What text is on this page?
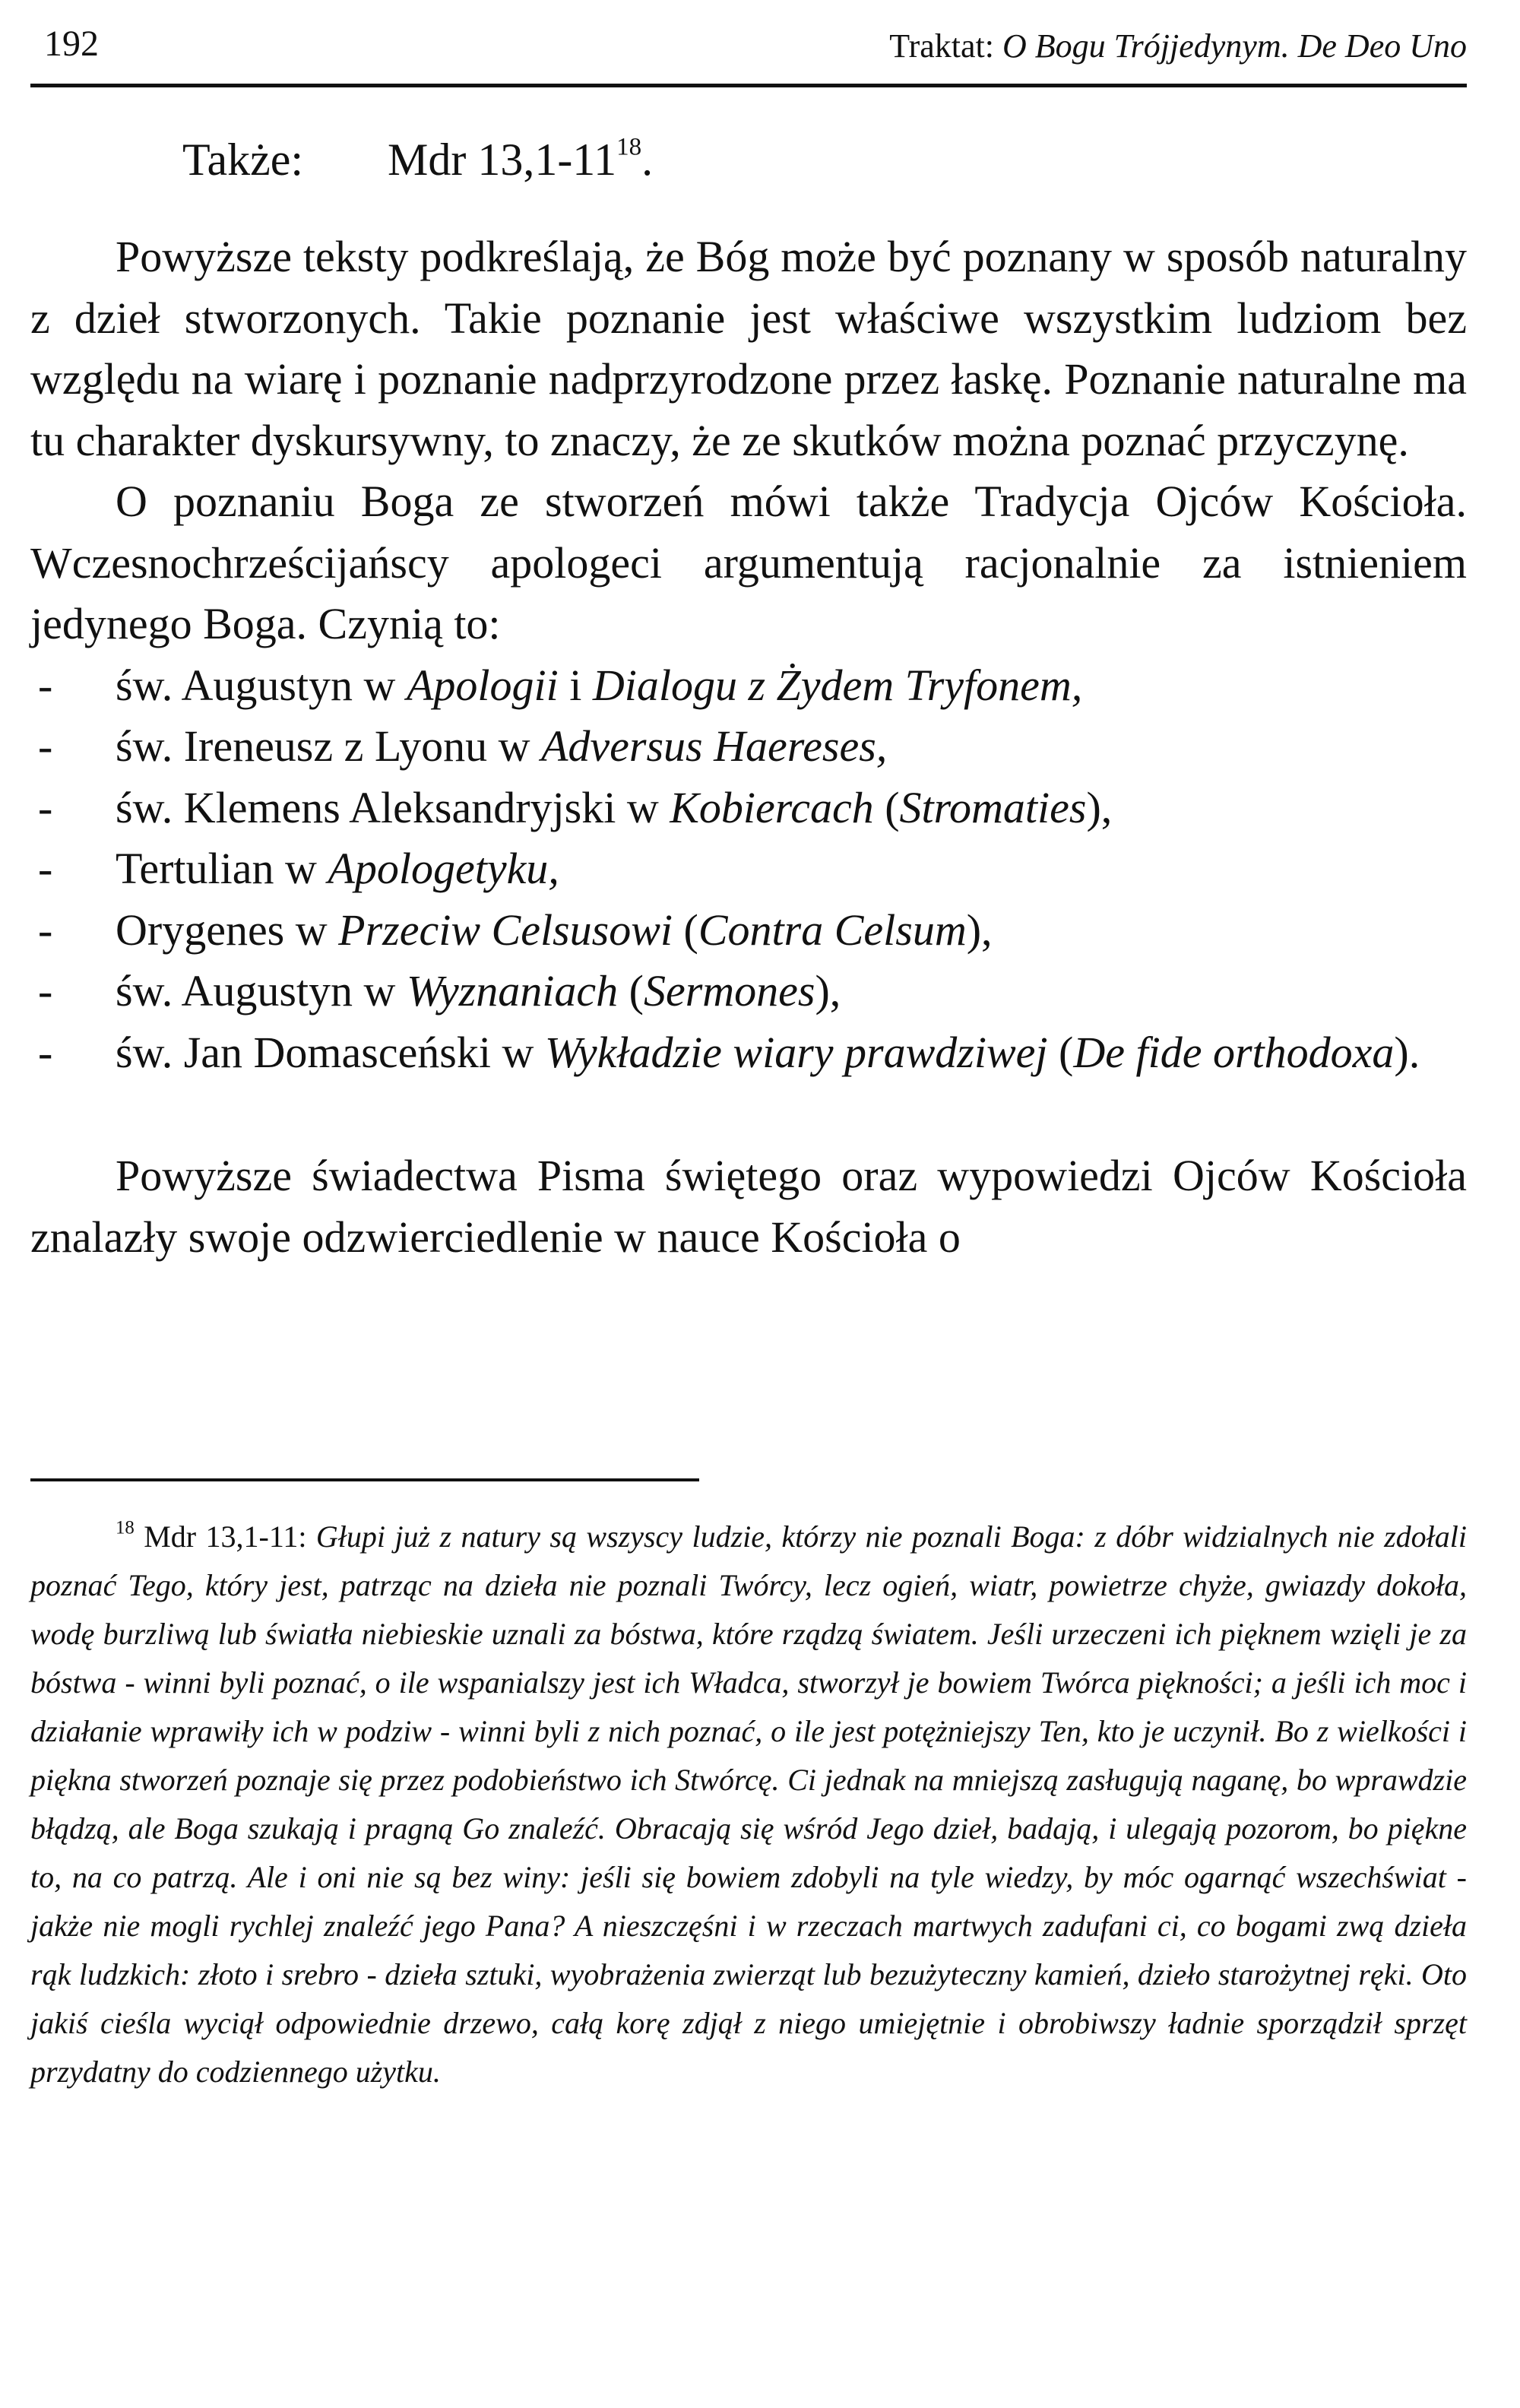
192	Traktat: O Bogu Trójjedynym. De Deo Uno
Także: Mdr $13,1-11^{18}$.

Powyższe teksty podkreślają, że Bóg może być poznany w sposób naturalny z dzieł stworzonych. Takie poznanie jest właściwe wszystkim ludziom bez względu na wiarę i poznanie nadprzyrodzone przez łaskę. Poznanie naturalne ma tu charakter dyskursywny, to znaczy, że ze skutków można poznać przyczynę.

O poznaniu Boga ze stworzeń mówi także Tradycja Ojców Kościoła. Wczesnochrześcijańscy apologeci argumentują racjonalnie za istnieniem jedynego Boga. Czynią to:

- św. Augustyn w Apologii i Dialogu z Żydem Tryfonem,
- św. Ireneusz z Lyonu w Adversus Haereses,
- św. Klemens Aleksandryjski w Kobiercach (Stromaties),
- Tertulian w Apologetyku,
- Orygenes w Przeciw Celsusowi (Contra Celsum),
- św. Augustyn w Wyznaniach (Sermones),
- św. Jan Domasceński w Wykładzie wiary prawdziwej (De fide orthodoxa).

Powyższe świadectwa Pisma świętego oraz wypowiedzi Ojców Kościoła znalazły swoje odzwierciedlenie w nauce Kościoła o

$^{18}$ Mdr 13,1-11: Głupi już z natury są wszyscy ludzie, którzy nie poznali Boga: z dóbr widzialnych nie zdołali poznać Tego, który jest, patrząc na dzieła nie poznali Twórcy, lecz ogień, wiatr, powietrze chyże, gwiazdy dokoła, wodę burzliwą lub światła niebieskie uznali za bóstwa, które rządzą światem. Jeśli urzeczeni ich pięknem wzięli je za bóstwa - winni byli poznać, o ile wspanialszy jest ich Władca, stworzył je bowiem Twórca piękności; a jeśli ich moc i działanie wprawiły ich w podziw - winni byli z nich poznać, o ile jest potężniejszy Ten, kto je uczynił. Bo z wielkości i piękna stworzeń poznaje się przez podobieństwo ich Stwórcę. Ci jednak na mniejszą zasługują naganę, bo wprawdzie błądzą, ale Boga szukają i pragną Go znaleźć. Obracają się wśród Jego dzieł, badają, i ulegają pozorom, bo piękne to, na co patrzą. Ale i oni nie są bez winy: jeśli się bowiem zdobyli na tyle wiedzy, by móc ogarnąć wszechświat - jakże nie mogli rychlej znaleźć jego Pana? A nieszczęśni i w rzeczach martwych zadufani ci, co bogami zwą dzieła rąk ludzkich: złoto i srebro - dzieła sztuki, wyobrażenia zwierząt lub bezużyteczny kamień, dzieło starożytnej ręki. Oto jakiś cieśla wyciął odpowiednie drzewo, całą korę zdjął z niego umiejętnie i obrobiwszy ładnie sporządził sprzęt przydatny do codziennego użytku.
